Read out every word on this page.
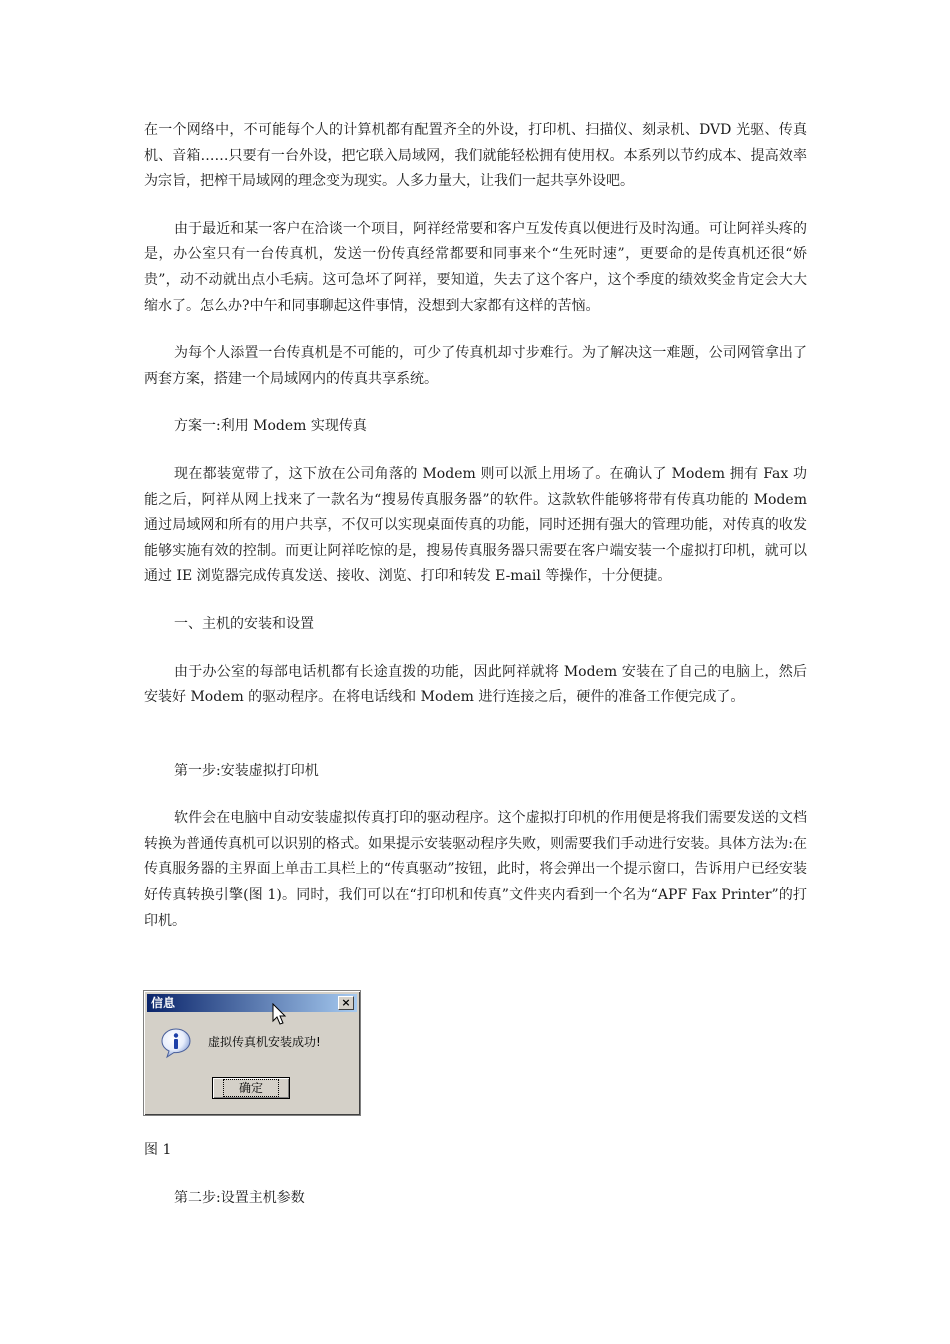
在一个网络中，不可能每个人的计算机都有配置齐全的外设，打印机、扫描仪、刻录机、DVD 光驱、传真机、音箱……只要有一台外设，把它联入局域网，我们就能轻松拥有使用权。本系列以节约成本、提高效率为宗旨，把榨干局域网的理念变为现实。人多力量大，让我们一起共享外设吧。

由于最近和某一客户在洽谈一个项目，阿祥经常要和客户互发传真以便进行及时沟通。可让阿祥头疼的是，办公室只有一台传真机，发送一份传真经常都要和同事来个“生死时速”，更要命的是传真机还很“娇贵”，动不动就出点小毛病。这可急坏了阿祥，要知道，失去了这个客户，这个季度的绩效奖金肯定会大大缩水了。怎么办?中午和同事聊起这件事情，没想到大家都有这样的苦恼。

为每个人添置一台传真机是不可能的，可少了传真机却寸步难行。为了解决这一难题，公司网管拿出了两套方案，搭建一个局域网内的传真共享系统。

方案一:利用 Modem 实现传真

现在都装宽带了，这下放在公司角落的 Modem 则可以派上用场了。在确认了 Modem 拥有 Fax 功能之后，阿祥从网上找来了一款名为“搜易传真服务器”的软件。这款软件能够将带有传真功能的 Modem 通过局域网和所有的用户共享，不仅可以实现桌面传真的功能，同时还拥有强大的管理功能，对传真的收发能够实施有效的控制。而更让阿祥吃惊的是，搜易传真服务器只需要在客户端安装一个虚拟打印机，就可以通过 IE 浏览器完成传真发送、接收、浏览、打印和转发 E-mail 等操作，十分便捷。

一、主机的安装和设置

由于办公室的每部电话机都有长途直拨的功能，因此阿祥就将 Modem 安装在了自己的电脑上，然后安装好 Modem 的驱动程序。在将电话线和 Modem 进行连接之后，硬件的准备工作便完成了。

第一步:安装虚拟打印机

软件会在电脑中自动安装虚拟传真打印的驱动程序。这个虚拟打印机的作用便是将我们需要发送的文档转换为普通传真机可以识别的格式。如果提示安装驱动程序失败，则需要我们手动进行安装。具体方法为:在传真服务器的主界面上单击工具栏上的“传真驱动”按钮，此时，将会弹出一个提示窗口，告诉用户已经安装好传真转换引擎(图 1)。同时，我们可以在“打印机和传真”文件夹内看到一个名为“APF Fax Printer”的打印机。

信息	×
虚拟传真机安装成功!
确定
图 1
第二步:设置主机参数
